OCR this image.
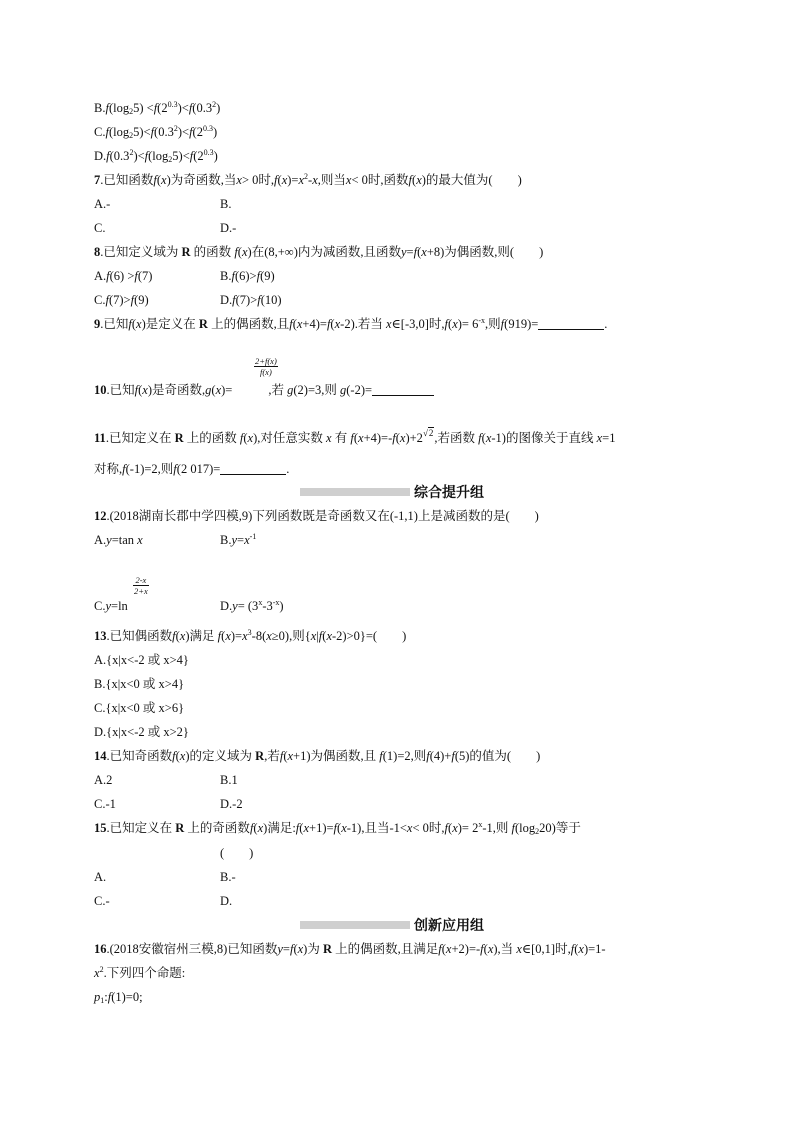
$B.f(\log_25) <f(2^{0.3})<f(0.3^2)$
$C.f(\log_25)<f(0.3^2)<f(2^{0.3})$
$D.f(0.3^2)<f(\log_25)<f(2^{0.3})$
7.已知函数f(x)为奇函数,当x> 0时$,f(x)=x^2-x$,则当x< 0时,函数f(x)的最大值为(　　)
A.-	B.
C.	D.-
8.已知定义域为 R 的函数 f(x)在(8,+∞)内为减函数,且函数y=f(x+8)为偶函数,则(　　)
A.f(6) >f(7)	B.f(6)>f(9)
C.f(7)>f(9)	D.f(7)>f(10)
9.已知f(x)是定义在 R 上的偶函数,且f(x+4)=f(x-2).若当 x∈[-3,0]时$,f(x)= 6^{-x}$,则f(919)=	.
$\frac{2+f(x)}{f(x)}$
10.已知f(x)是奇函数,g(x)=	,若 g(2)=3,则 g(-2)=
11.已知定义在 R 上的函数 f(x),对任意实数 x 有 $f(x+4)=-f(x)+2^{√2}$,若函数 f(x-1)的图像关于直线 x=1
对称,f(-1)=2,则f(2 017)=	.
综合提升组
12.(2018湖南长郡中学四模,9)下列函数既是奇函数又在(-1,1)上是减函数的是(　　)
A.y=tan x	$B.y=x^{-1}$
$\frac{2-x}{2+x}$
C.y=ln	$D.y= (3^x-3^{-x})$
13.已知偶函数f(x)满足 $f(x)=x^3-8(x\ge 0)$,则{x|f(x-2)>0}=(　　)
A.{x|x<-2 或 x>4}
B.{x|x<0 或 x>4}
C.{x|x<0 或 x>6}
D.{x|x<-2 或 x>2}
14.已知奇函数f(x)的定义域为 R,若f(x+1)为偶函数,且 f(1)=2,则f(4)+f(5)的值为(　　)
A.2	B.1
C.-1	D.-2
15.已知定义在 R 上的奇函数f(x)满足:f(x+1)=f(x-1),且当-1<x< 0时$,f(x)= 2^x-1$,则 $f(\log_220)$等于
(　　)
A.	B.-
C.-	D.
创新应用组
16.(2018安徽宿州三模,8)已知函数y=f(x)为 R 上的偶函数,且满足f(x+2)=-f(x),当 x∈[0,1]时,f(x)=1-
$x^2$.下列四个命题:
$p_1:f(1)=0$;
